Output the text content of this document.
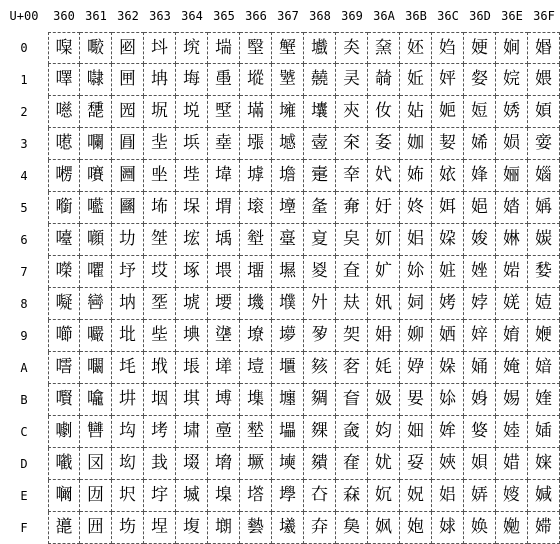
U+00	360 361 362 363 364 365 366 367 368 369 36A 36B 36C 36D 36E 36F
0	㘀 㘐 㘠 㘰 㙀 㙐 㙠 㙰 㚀 㚐 㚠 㚰 㛀 㛐 㛠 㛰
1	㘁 㘑 㘡 㘱 㙁 㙑 㙡 㙱 㚁 㚑 㚡 㚱 㛁 㛑 㛡 㛱
2	㘂 㘒 㘢 㘲 㙂 㙒 㙢 㙲 㚂 㚒 㚢 㚲 㛂 㛒 㛢 㛲
3	㘃 㘓 㘣 㘳 㙃 㙓 㙣 㙳 㚃 㚓 㚣 㚳 㛃 㛓 㛣 㛳
4	㘄 㘔 㘤 㘴 㙄 㙔 㙤 㙴 㚄 㚔 㚤 㚴 㛄 㛔 㛤 㛴
5	㘅 㘕 㘥 㘵 㙅 㙕 㙥 㙵 㚅 㚕 㚥 㚵 㛅 㛕 㛥 㛵
6	㘆 㘖 㘦 㘶 㙆 㙖 㙦 㙶 㚆 㚖 㚦 㚶 㛆 㛖 㛦 㛶
7	㘇 㘗 㘧 㘷 㙇 㙗 㙧 㙷 㚇 㚗 㚧 㚷 㛇 㛗 㛧 㛷
8	㘈 㘘 㘨 㘸 㙈 㙘 㙨 㙸 㚈 㚘 㚨 㚸 㛈 㛘 㛨 㛸
9	㘉 㘙 㘩 㘹 㙉 㙙 㙩 㙹 㚉 㚙 㚩 㚹 㛉 㛙 㛩 㛹
A	㘊 㘚 㘪 㘺 㙊 㙚 㙪 㙺 㚊 㚚 㚪 㚺 㛊 㛚 㛪 㛺
B	㘋 㘛 㘫 㘻 㙋 㙛 㙫 㙻 㚋 㚛 㚫 㚻 㛋 㛛 㛫 㛻
C	㘌 㘜 㘬 㘼 㙌 㙜 㙬 㙼 㚌 㚜 㚬 㚼 㛌 㛜 㛬 㛼
D	㘍 㘝 㘭 㘽 㙍 㙝 㙭 㙽 㚍 㚝 㚭 㚽 㛍 㛝 㛭 㛽
E	㘎 㘞 㘮 㘾 㙎 㙞 㙮 㙾 㚎 㚞 㚮 㚾 㛎 㛞 㛮 㛾
F	㘏 㘟 㘯 㘿 㙏 㙟 㙯 㙿 㚏 㚟 㚯 㚿 㛏 㛟 㛯 㛿
